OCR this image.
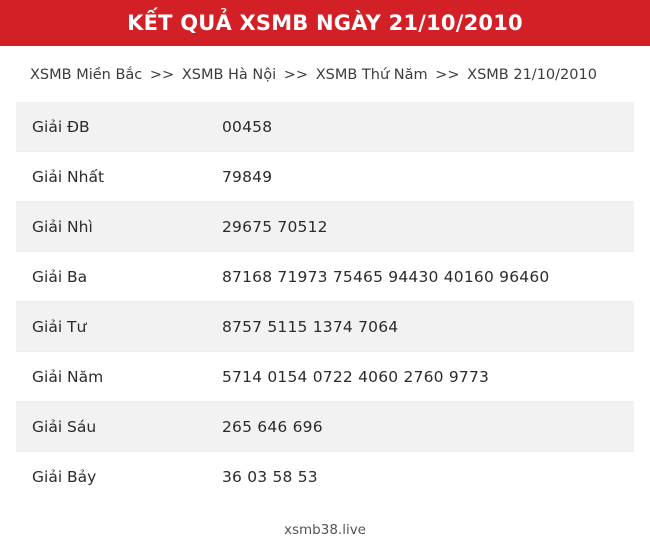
KẾT QUẢ XSMB NGÀY 21/10/2010
XSMB Miền Bắc >> XSMB Hà Nội >> XSMB Thứ Năm >> XSMB 21/10/2010
Giải ĐB	00458
Giải Nhất	79849
Giải Nhì	29675 70512
Giải Ba	87168 71973 75465 94430 40160 96460
Giải Tư	8757 5115 1374 7064
Giải Năm	5714 0154 0722 4060 2760 9773
Giải Sáu	265 646 696
Giải Bảy	36 03 58 53
xsmb38.live
